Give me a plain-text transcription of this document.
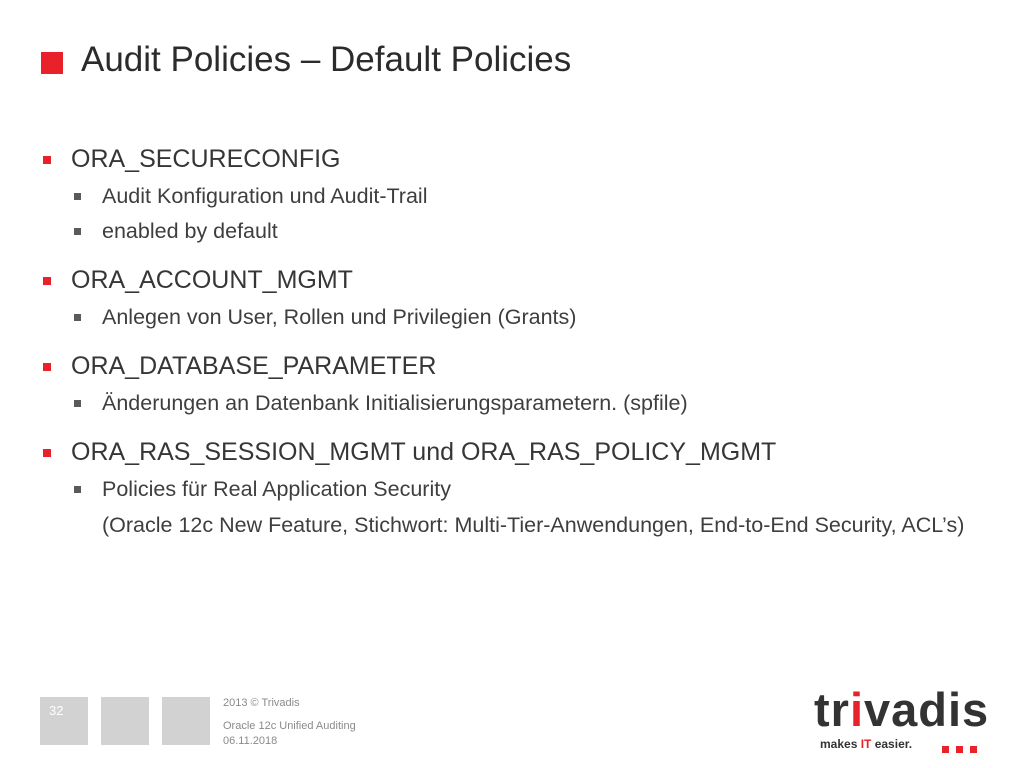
Audit Policies – Default Policies

ORA_SECURECONFIG

Audit Konfiguration und Audit-Trail

enabled by default

ORA_ACCOUNT_MGMT

Anlegen von User, Rollen und Privilegien (Grants)

ORA_DATABASE_PARAMETER

Änderungen an Datenbank Initialisierungsparametern. (spfile)

ORA_RAS_SESSION_MGMT und ORA_RAS_POLICY_MGMT

Policies für Real Application Security

(Oracle 12c New Feature, Stichwort: Multi-Tier-Anwendungen, End-to-End Security, ACL’s)

32	2013 © Trivadis
Oracle 12c Unified Auditing
06.11.2018
trivadis
makes IT easier.
